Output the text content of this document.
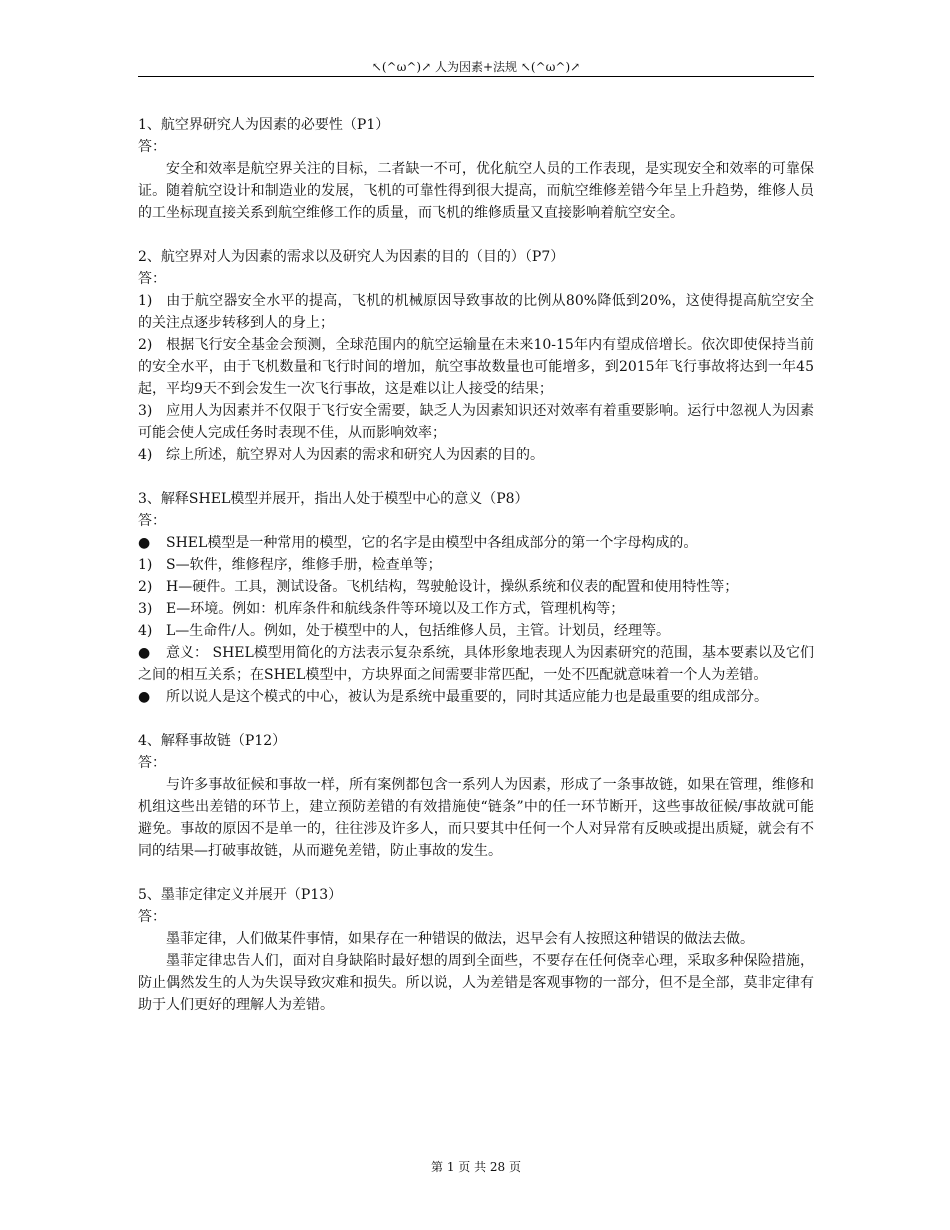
↖(^ω^)↗ 人为因素+法规 ↖(^ω^)↗

1、航空界研究人为因素的必要性（P1）

答：

安全和效率是航空界关注的目标，二者缺一不可，优化航空人员的工作表现，是实现安全和效率的可靠保证。随着航空设计和制造业的发展，飞机的可靠性得到很大提高，而航空维修差错今年呈上升趋势，维修人员的工坐标现直接关系到航空维修工作的质量，而飞机的维修质量又直接影响着航空安全。

2、航空界对人为因素的需求以及研究人为因素的目的（目的）（P7）

答：

1) 由于航空器安全水平的提高，飞机的机械原因导致事故的比例从80%降低到20%，这使得提高航空安全的关注点逐步转移到人的身上；

2) 根据飞行安全基金会预测，全球范围内的航空运输量在未来10-15年内有望成倍增长。依次即使保持当前的安全水平，由于飞机数量和飞行时间的增加，航空事故数量也可能增多，到2015年飞行事故将达到一年45起，平均9天不到会发生一次飞行事故，这是难以让人接受的结果；

3) 应用人为因素并不仅限于飞行安全需要，缺乏人为因素知识还对效率有着重要影响。运行中忽视人为因素可能会使人完成任务时表现不佳，从而影响效率；

4) 综上所述，航空界对人为因素的需求和研究人为因素的目的。

3、解释SHEL模型并展开，指出人处于模型中心的意义（P8）

答：

● SHEL模型是一种常用的模型，它的名字是由模型中各组成部分的第一个字母构成的。

1) S—软件，维修程序，维修手册，检查单等；

2) H—硬件。工具，测试设备。飞机结构，驾驶舱设计，操纵系统和仪表的配置和使用特性等；

3) E—环境。例如：机库条件和航线条件等环境以及工作方式，管理机构等；

4) L—生命件/人。例如，处于模型中的人，包括维修人员，主管。计划员，经理等。

● 意义： SHEL模型用简化的方法表示复杂系统，具体形象地表现人为因素研究的范围，基本要素以及它们之间的相互关系；在SHEL模型中，方块界面之间需要非常匹配，一处不匹配就意味着一个人为差错。

● 所以说人是这个模式的中心，被认为是系统中最重要的，同时其适应能力也是最重要的组成部分。

4、解释事故链（P12）

答：

与许多事故征候和事故一样，所有案例都包含一系列人为因素，形成了一条事故链，如果在管理，维修和机组这些出差错的环节上，建立预防差错的有效措施使“链条”中的任一环节断开，这些事故征候/事故就可能避免。事故的原因不是单一的，往往涉及许多人，而只要其中任何一个人对异常有反映或提出质疑，就会有不同的结果—打破事故链，从而避免差错，防止事故的发生。

5、墨菲定律定义并展开（P13）

答：

墨菲定律，人们做某件事情，如果存在一种错误的做法，迟早会有人按照这种错误的做法去做。

墨菲定律忠告人们，面对自身缺陷时最好想的周到全面些，不要存在任何侥幸心理，采取多种保险措施，防止偶然发生的人为失误导致灾难和损失。所以说，人为差错是客观事物的一部分，但不是全部，莫非定律有助于人们更好的理解人为差错。

第 1 页 共 28 页
